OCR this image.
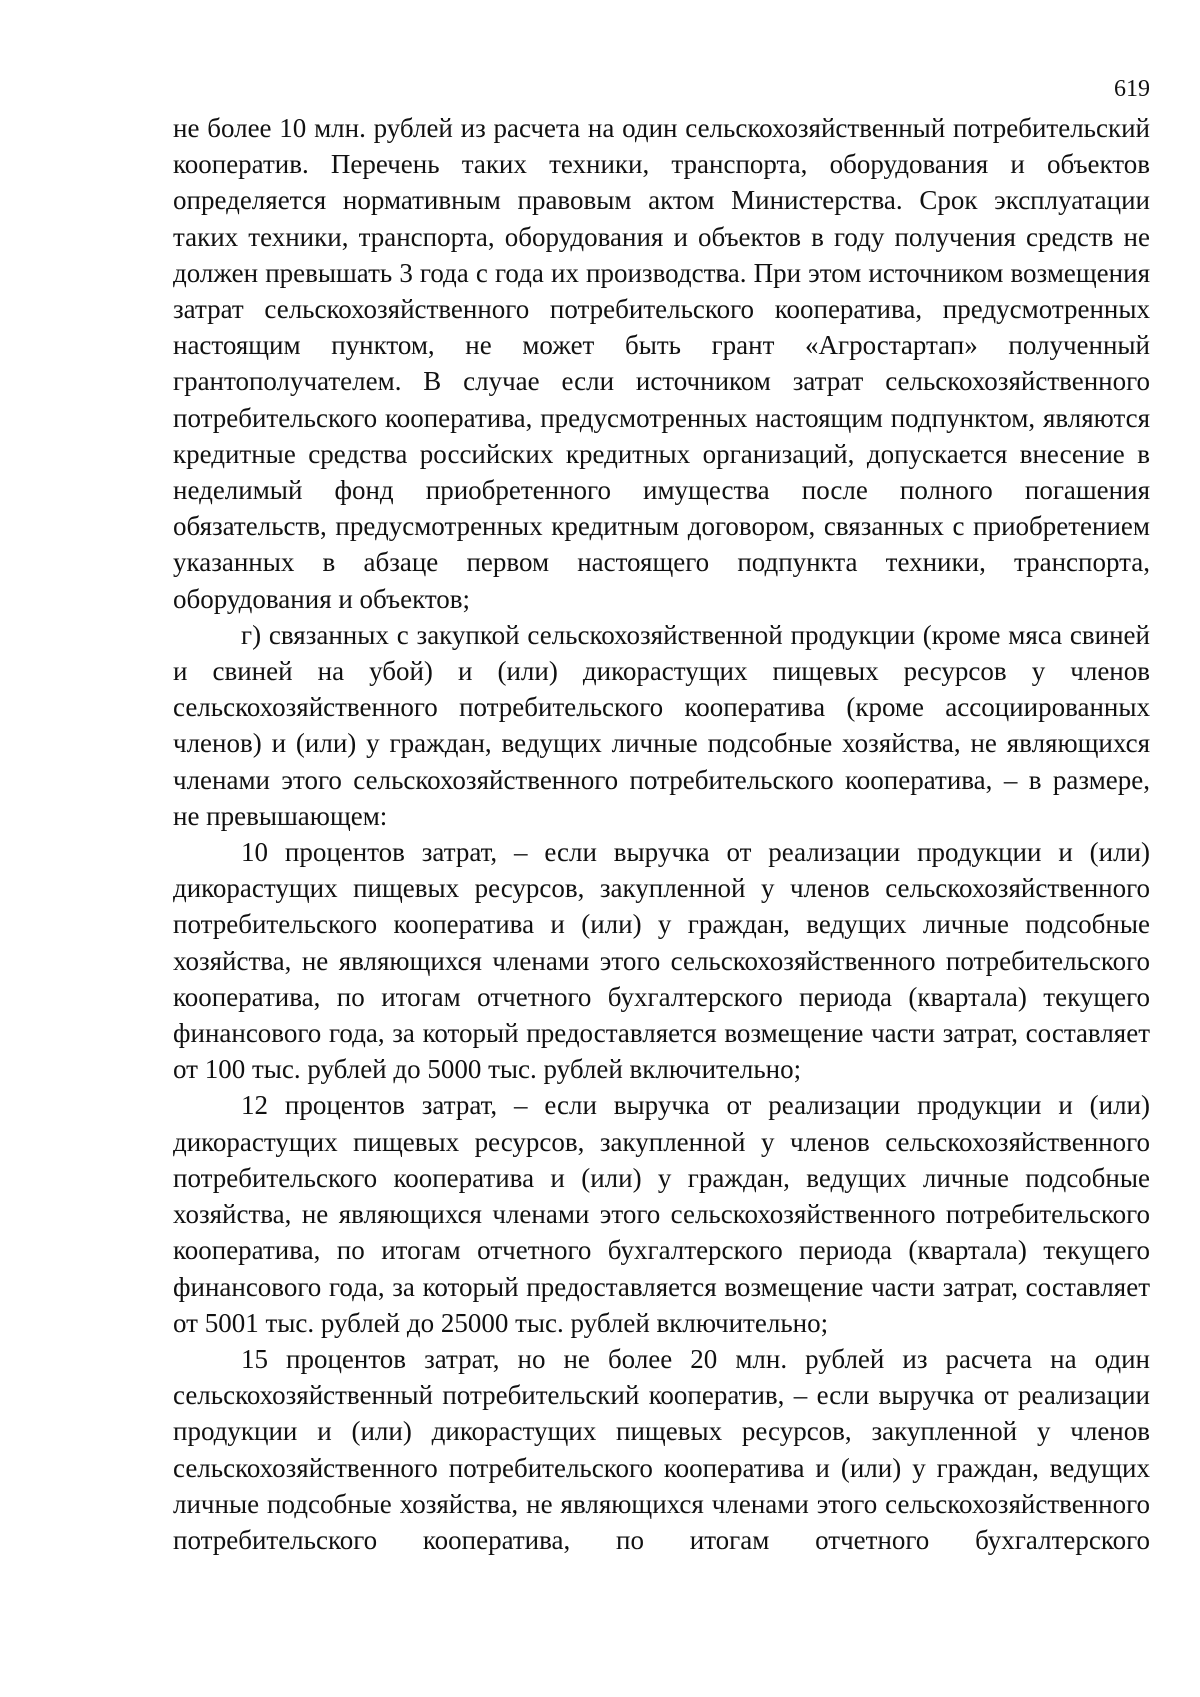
619

не более 10 млн. рублей из расчета на один сельскохозяйственный потребительский кооператив. Перечень таких техники, транспорта, оборудования и объектов определяется нормативным правовым актом Министерства. Срок эксплуатации таких техники, транспорта, оборудования и объектов в году получения средств не должен превышать 3 года с года их производства. При этом источником возмещения затрат сельскохозяйственного потребительского кооператива, предусмотренных настоящим пунктом, не может быть грант «Агростартап» полученный грантополучателем. В случае если источником затрат сельскохозяйственного потребительского кооператива, предусмотренных настоящим подпунктом, являются кредитные средства российских кредитных организаций, допускается внесение в неделимый фонд приобретенного имущества после полного погашения обязательств, предусмотренных кредитным договором, связанных с приобретением указанных в абзаце первом настоящего подпункта техники, транспорта, оборудования и объектов;

г) связанных с закупкой сельскохозяйственной продукции (кроме мяса свиней и свиней на убой) и (или) дикорастущих пищевых ресурсов у членов сельскохозяйственного потребительского кооператива (кроме ассоциированных членов) и (или) у граждан, ведущих личные подсобные хозяйства, не являющихся членами этого сельскохозяйственного потребительского кооператива, – в размере, не превышающем:

10 процентов затрат, – если выручка от реализации продукции и (или) дикорастущих пищевых ресурсов, закупленной у членов сельскохозяйственного потребительского кооператива и (или) у граждан, ведущих личные подсобные хозяйства, не являющихся членами этого сельскохозяйственного потребительского кооператива, по итогам отчетного бухгалтерского периода (квартала) текущего финансового года, за который предоставляется возмещение части затрат, составляет от 100 тыс. рублей до 5000 тыс. рублей включительно;

12 процентов затрат, – если выручка от реализации продукции и (или) дикорастущих пищевых ресурсов, закупленной у членов сельскохозяйственного потребительского кооператива и (или) у граждан, ведущих личные подсобные хозяйства, не являющихся членами этого сельскохозяйственного потребительского кооператива, по итогам отчетного бухгалтерского периода (квартала) текущего финансового года, за который предоставляется возмещение части затрат, составляет от 5001 тыс. рублей до 25000 тыс. рублей включительно;

15 процентов затрат, но не более 20 млн. рублей из расчета на один сельскохозяйственный потребительский кооператив, – если выручка от реализации продукции и (или) дикорастущих пищевых ресурсов, закупленной у членов сельскохозяйственного потребительского кооператива и (или) у граждан, ведущих личные подсобные хозяйства, не являющихся членами этого сельскохозяйственного потребительского кооператива, по итогам отчетного бухгалтерского
